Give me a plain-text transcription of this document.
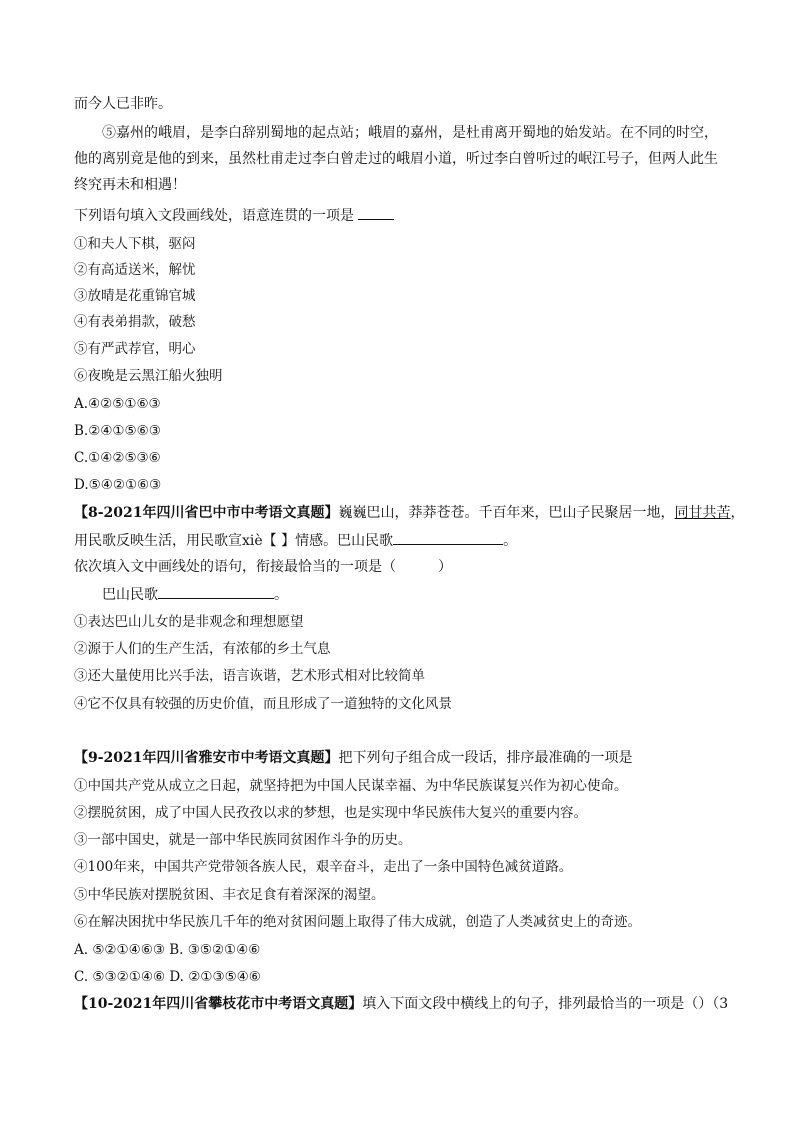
而今人已非昨。
⑤嘉州的峨眉，是李白辞别蜀地的起点站；峨眉的嘉州，是杜甫离开蜀地的始发站。在不同的时空，他的离别竟是他的到来，虽然杜甫走过李白曾走过的峨眉小道，听过李白曾听过的岷江号子，但两人此生终究再未和相遇！
下列语句填入文段画线处，语意连贯的一项是
①和夫人下棋，驱闷
②有高适送米，解忧
③放晴是花重锦官城
④有表弟捐款，破愁
⑤有严武荐官，明心
⑥夜晚是云黑江船火独明
A.④②⑤①⑥③
B.②④①⑤⑥③
C.①④②⑤③⑥
D.⑤④②①⑥③
【8-2021年四川省巴中市中考语文真题】巍巍巴山，莽莽苍苍。千百年来，巴山子民聚居一地，同甘共苦，
用民歌反映生活，用民歌宣xiè【 】情感。巴山民歌	。
依次填入文中画线处的语句，衔接最恰当的一项是（　　　）
巴山民歌	。
①表达巴山儿女的是非观念和理想愿望
②源于人们的生产生活，有浓郁的乡土气息
③还大量使用比兴手法，语言诙谐，艺术形式相对比较简单
④它不仅具有较强的历史价值，而且形成了一道独特的文化风景
【9-2021年四川省雅安市中考语文真题】把下列句子组合成一段话，排序最准确的一项是
①中国共产党从成立之日起，就坚持把为中国人民谋幸福、为中华民族谋复兴作为初心使命。
②摆脱贫困，成了中国人民孜孜以求的梦想，也是实现中华民族伟大复兴的重要内容。
③一部中国史，就是一部中华民族同贫困作斗争的历史。
④100年来，中国共产党带领各族人民，艰辛奋斗，走出了一条中国特色减贫道路。
⑤中华民族对摆脱贫困、丰衣足食有着深深的渴望。
⑥在解决困扰中华民族几千年的绝对贫困问题上取得了伟大成就，创造了人类减贫史上的奇迹。
A. ⑤②①④⑥③ B. ③⑤②①④⑥
C. ⑤③②①④⑥ D. ②①③⑤④⑥
【10-2021年四川省攀枝花市中考语文真题】填入下面文段中横线上的句子，排列最恰当的一项是（）（3
